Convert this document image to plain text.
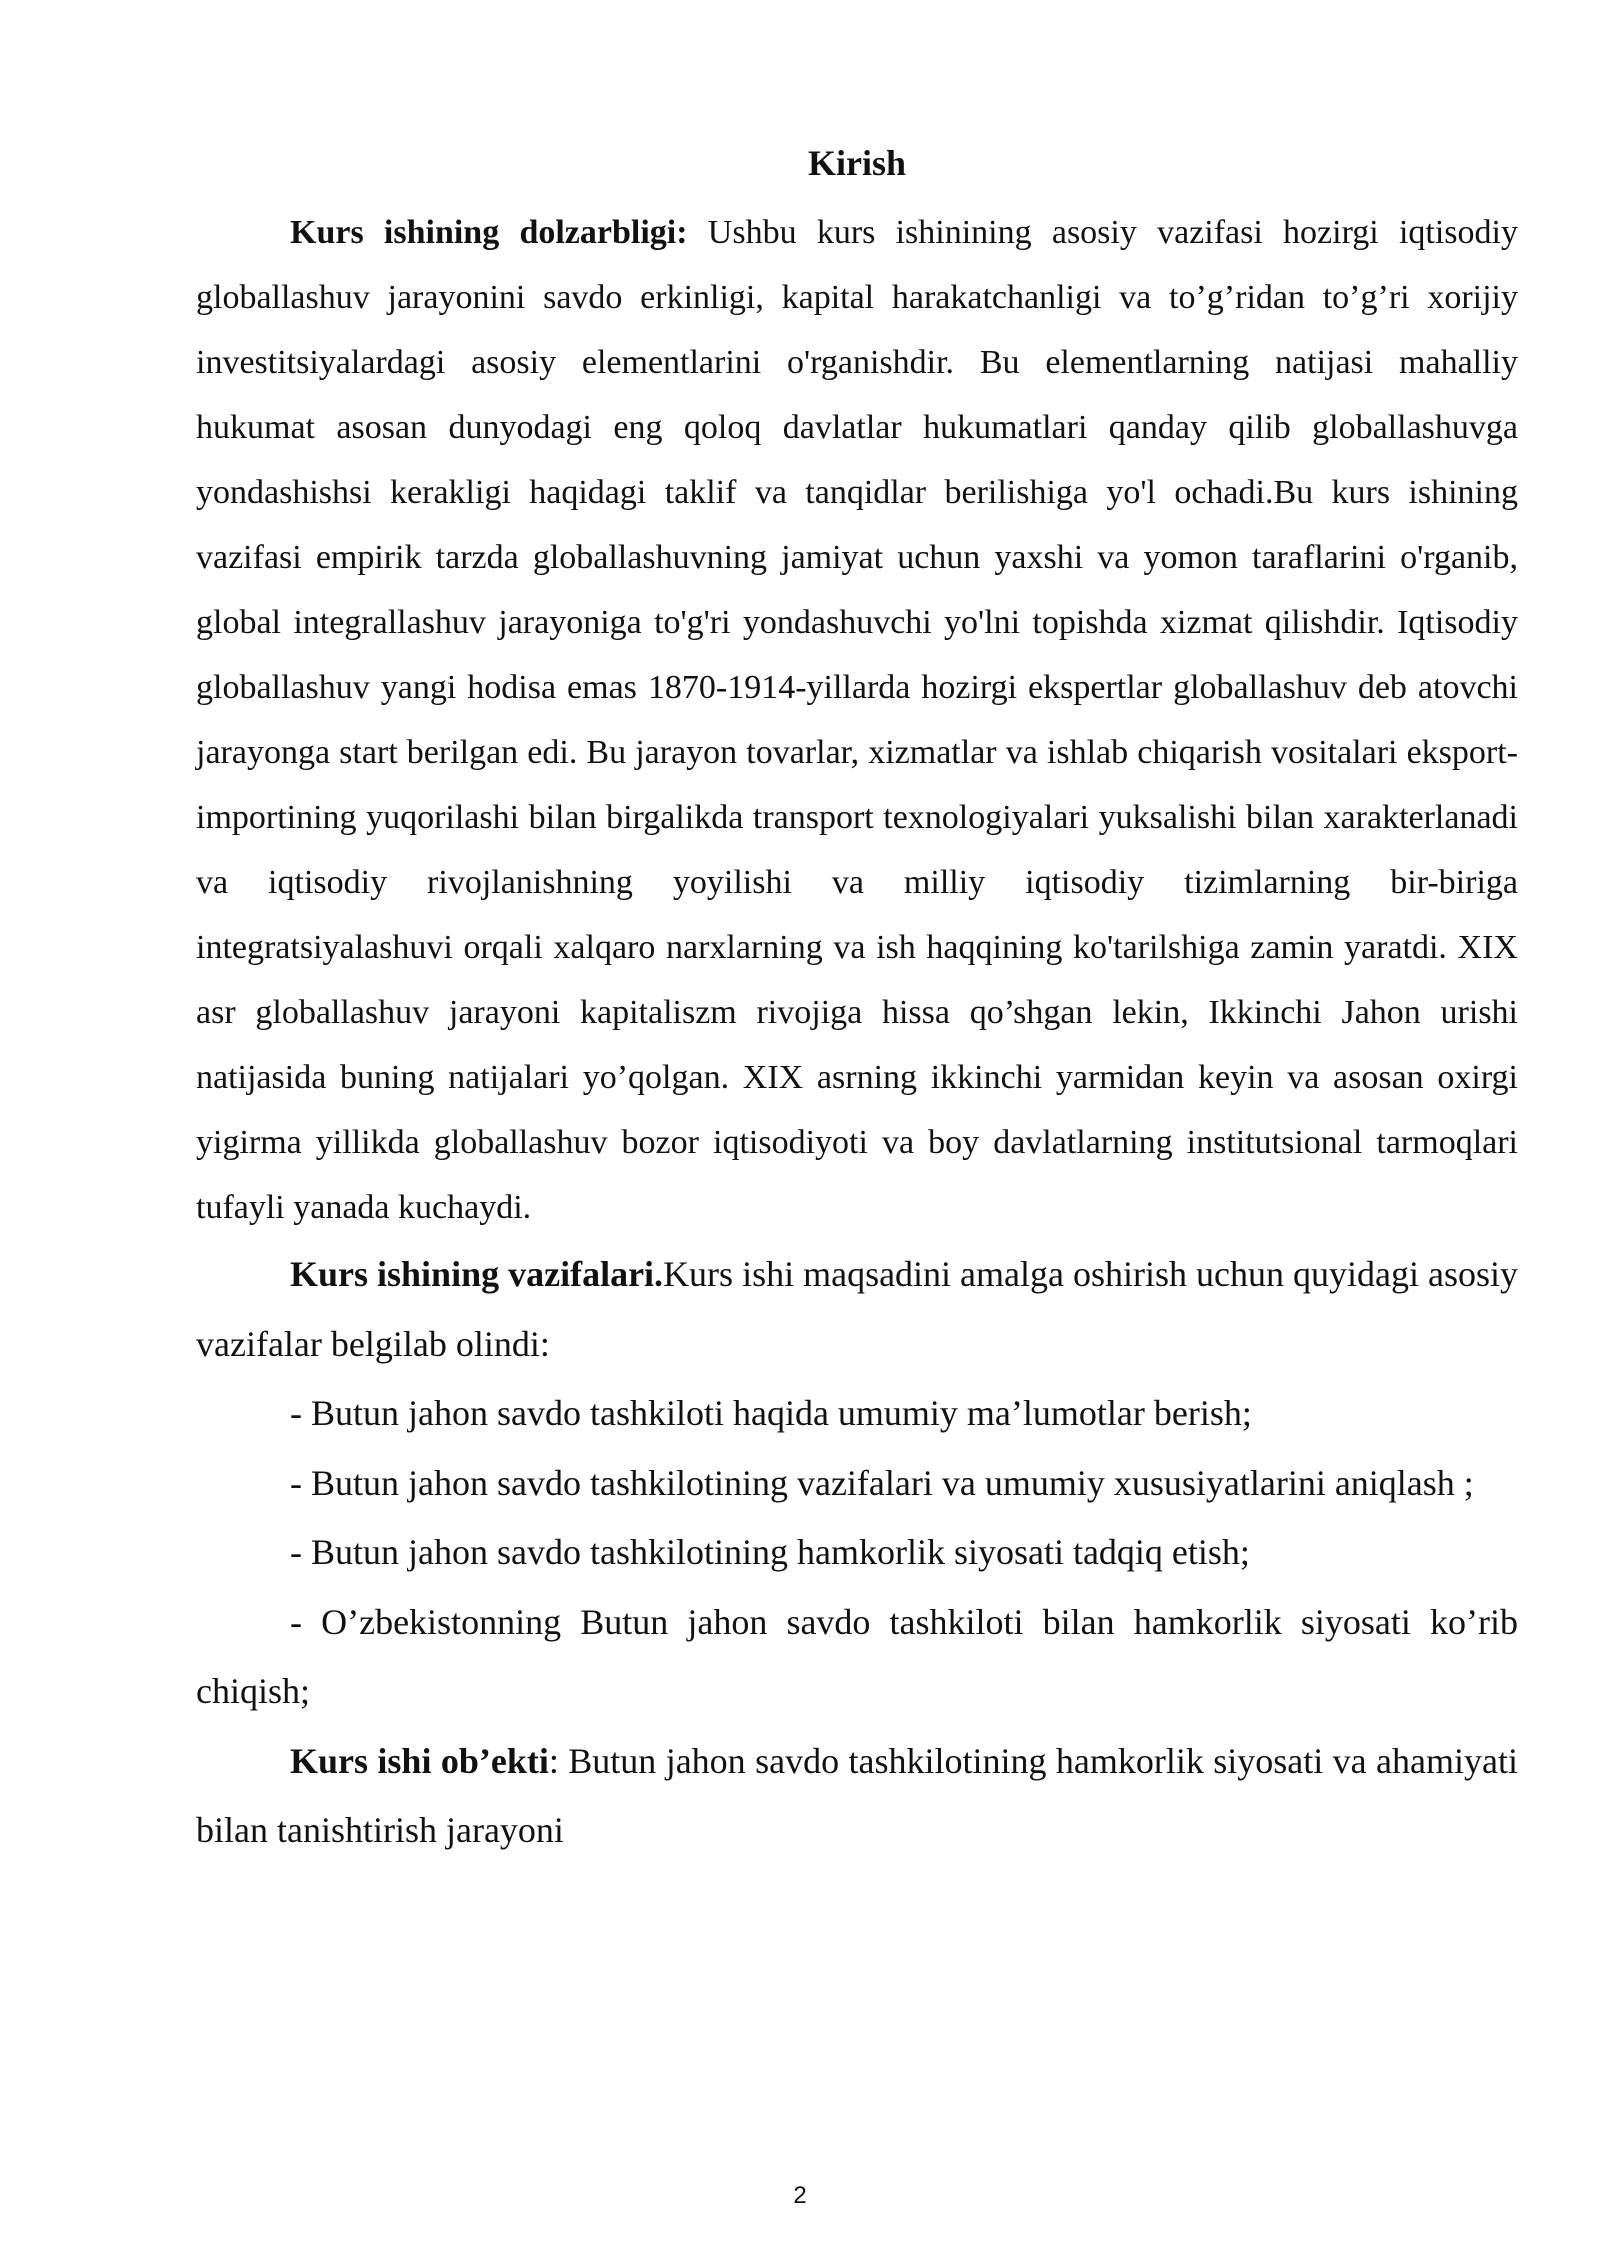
Kirish

Kurs ishining dolzarbligi: Ushbu kurs ishinining asosiy vazifasi hozirgi iqtisodiy globallashuv jarayonini savdo erkinligi, kapital harakatchanligi va to’g’ridan to’g’ri xorijiy investitsiyalardagi asosiy elementlarini o'rganishdir. Bu elementlarning natijasi mahalliy hukumat asosan dunyodagi eng qoloq davlatlar hukumatlari qanday qilib globallashuvga yondashishsi kerakligi haqidagi taklif va tanqidlar berilishiga yo'l ochadi.Bu kurs ishining vazifasi empirik tarzda globallashuvning jamiyat uchun yaxshi va yomon taraflarini o'rganib, global integrallashuv jarayoniga to'g'ri yondashuvchi yo'lni topishda xizmat qilishdir. Iqtisodiy globallashuv yangi hodisa emas 1870-1914-yillarda hozirgi ekspertlar globallashuv deb atovchi jarayonga start berilgan edi. Bu jarayon tovarlar, xizmatlar va ishlab chiqarish vositalari eksport-importining yuqorilashi bilan birgalikda transport texnologiyalari yuksalishi bilan xarakterlanadi va iqtisodiy rivojlanishning yoyilishi va milliy iqtisodiy tizimlarning bir-biriga integratsiyalashuvi orqali xalqaro narxlarning va ish haqqining ko'tarilshiga zamin yaratdi. XIX asr globallashuv jarayoni kapitaliszm rivojiga hissa qo’shgan lekin, Ikkinchi Jahon urishi natijasida buning natijalari yo’qolgan. XIX asrning ikkinchi yarmidan keyin va asosan oxirgi yigirma yillikda globallashuv bozor iqtisodiyoti va boy davlatlarning institutsional tarmoqlari tufayli yanada kuchaydi.

Kurs ishining vazifalari.Kurs ishi maqsadini amalga oshirish uchun quyidagi asosiy vazifalar belgilab olindi:

- Butun jahon savdo tashkiloti haqida umumiy ma’lumotlar berish;

- Butun jahon savdo tashkilotining vazifalari va umumiy xususiyatlarini aniqlash ;

- Butun jahon savdo tashkilotining hamkorlik siyosati tadqiq etish;

- O’zbekistonning Butun jahon savdo tashkiloti bilan hamkorlik siyosati ko’rib chiqish;

Kurs ishi ob’ekti: Butun jahon savdo tashkilotining hamkorlik siyosati va ahamiyati bilan tanishtirish jarayoni

2
